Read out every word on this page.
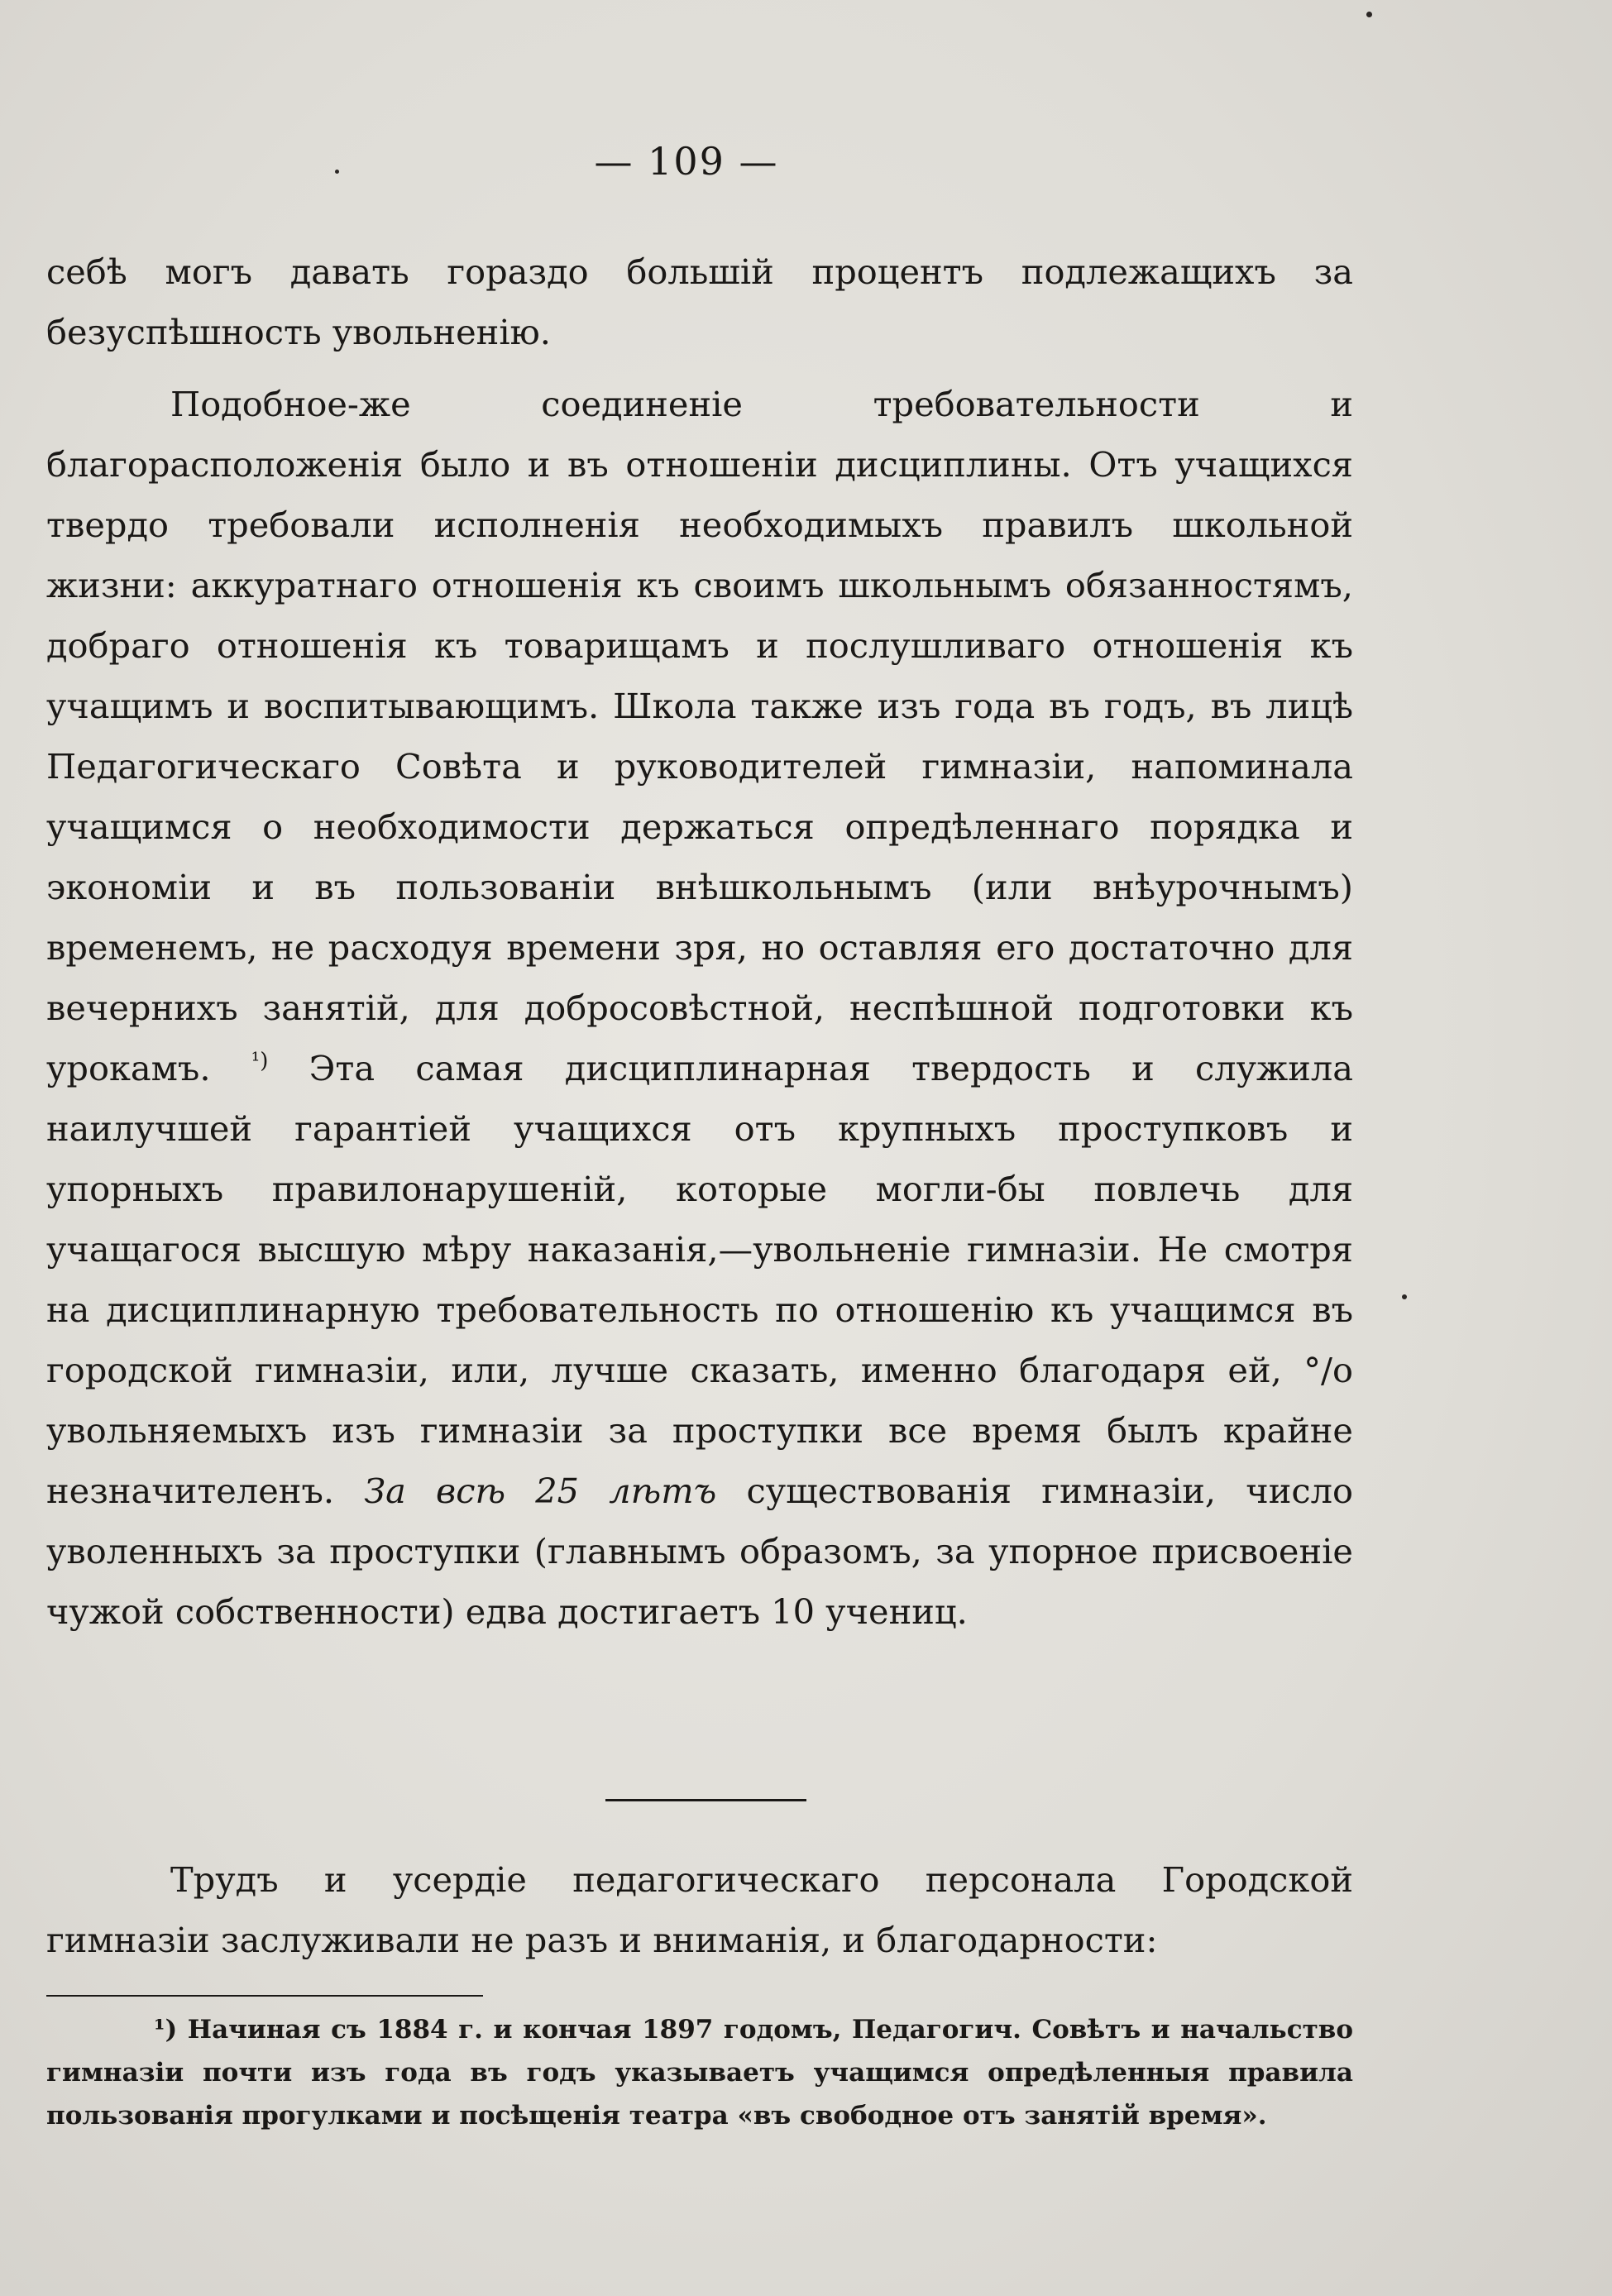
— 109 —

себѣ могъ давать гораздо большій процентъ подлежащихъ за безуспѣшность увольненію.

Подобное-же соединеніе требовательности и благорасположенія было и въ отношеніи дисциплины. Отъ учащихся твердо требовали исполненія необходимыхъ правилъ школьной жизни: аккуратнаго отношенія къ своимъ школьнымъ обязанностямъ, добраго отношенія къ товарищамъ и послушливаго отношенія къ учащимъ и воспитывающимъ. Школа также изъ года въ годъ, въ лицѣ Педагогическаго Совѣта и руководителей гимназіи, напоминала учащимся о необходимости держаться опредѣленнаго порядка и экономіи и въ пользованіи внѣшкольнымъ (или внѣурочнымъ) временемъ, не расходуя времени зря, но оставляя его достаточно для вечернихъ занятій, для добросовѣстной, неспѣшной подготовки къ урокамъ. $^{^1)}$ Эта самая дисциплинарная твердость и служила наилучшей гарантіей учащихся отъ крупныхъ проступковъ и упорныхъ правилонарушеній, которые могли-бы повлечь для учащагося высшую мѣру наказанія,—увольненіе гимназіи. Не смотря на дисциплинарную требовательность по отношенію къ учащимся въ городской гимназіи, или, лучше сказать, именно благодаря ей, °/о увольняемыхъ изъ гимназіи за проступки все время былъ крайне незначителенъ. За всѣ 25 лѣтъ существованія гимназіи, число уволенныхъ за проступки (главнымъ образомъ, за упорное присвоеніе чужой собственности) едва достигаетъ 10 учениц.

Трудъ и усердіе педагогическаго персонала Городской гимназіи заслуживали не разъ и вниманія, и благодарности:

¹) Начиная съ 1884 г. и кончая 1897 годомъ, Педагогич. Совѣтъ и начальство гимназіи почти изъ года въ годъ указываетъ учащимся опредѣленныя правила пользованія прогулками и посѣщенія театра «въ свободное отъ занятій время».
